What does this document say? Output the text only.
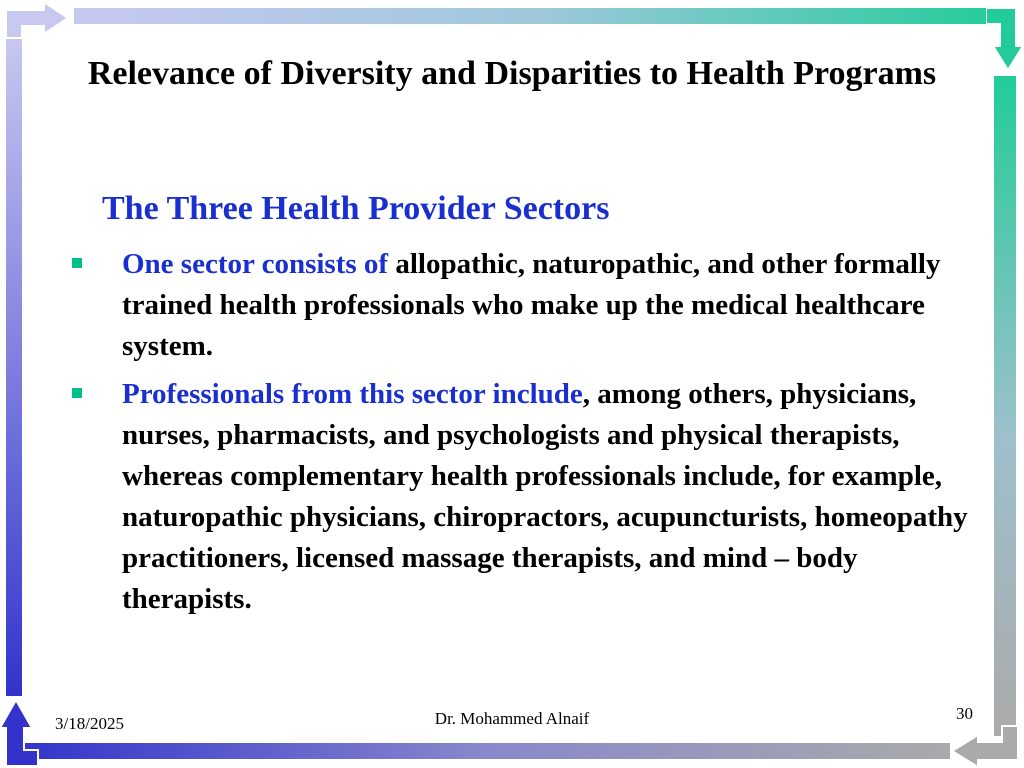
Relevance of Diversity and Disparities to Health Programs
The Three Health Provider Sectors
One sector consists of allopathic, naturopathic, and other formally trained health professionals who make up the medical healthcare system.
Professionals from this sector include, among others, physicians, nurses, pharmacists, and psychologists and physical therapists, whereas complementary health professionals include, for example, naturopathic physicians, chiropractors, acupuncturists, homeopathy practitioners, licensed massage therapists, and mind – body therapists.
3/18/2025	Dr. Mohammed Alnaif	30
